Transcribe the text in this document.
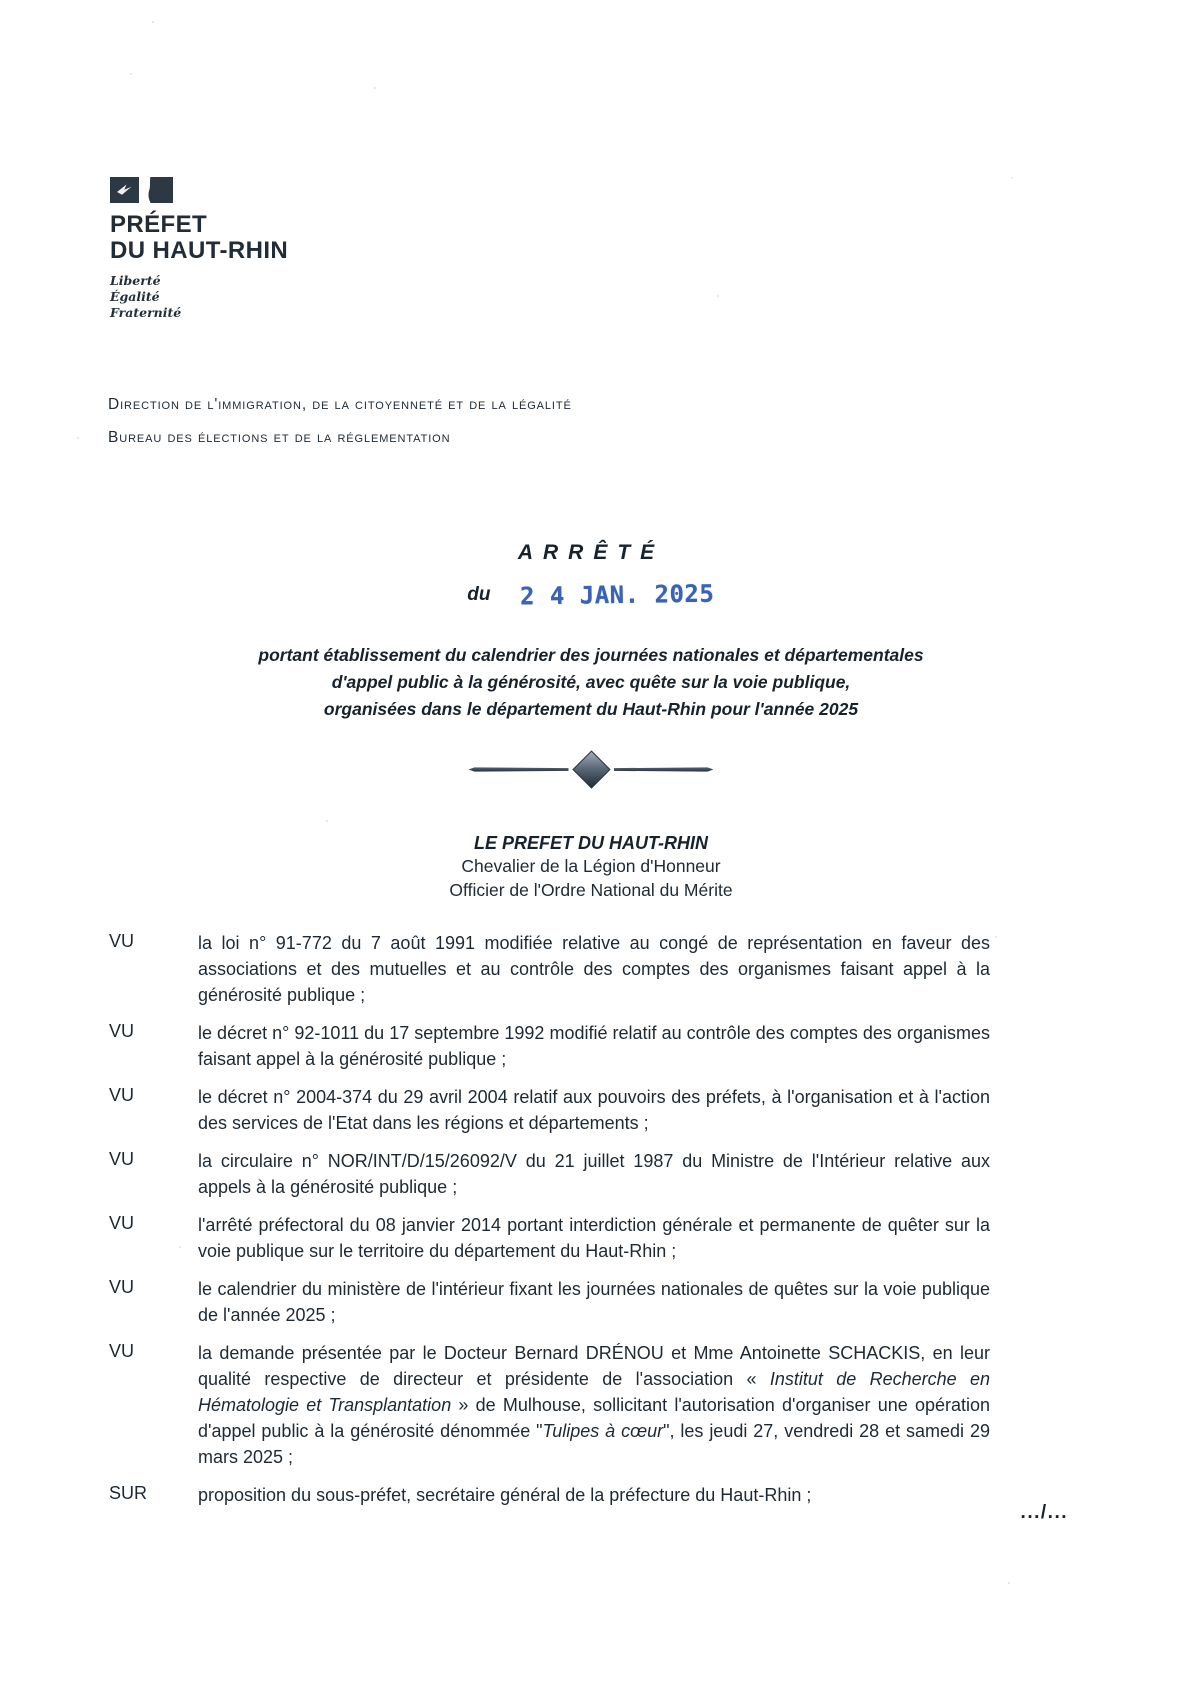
PRÉFET
DU HAUT-RHIN
Liberté
Égalité
Fraternité
Direction de l'immigration, de la citoyenneté et de la légalité
Bureau des élections et de la réglementation
ARRÊTÉ
du 2 4 JAN. 2025
portant établissement du calendrier des journées nationales et départementales
d'appel public à la générosité, avec quête sur la voie publique,
organisées dans le département du Haut-Rhin pour l'année 2025
LE PREFET DU HAUT-RHIN
Chevalier de la Légion d'Honneur
Officier de l'Ordre National du Mérite
VU	la loi n° 91-772 du 7 août 1991 modifiée relative au congé de représentation en faveur des associations et des mutuelles et au contrôle des comptes des organismes faisant appel à la générosité publique ;
VU	le décret n° 92-1011 du 17 septembre 1992 modifié relatif au contrôle des comptes des organismes faisant appel à la générosité publique ;
VU	le décret n° 2004-374 du 29 avril 2004 relatif aux pouvoirs des préfets, à l'organisation et à l'action des services de l'Etat dans les régions et départements ;
VU	la circulaire n° NOR/INT/D/15/26092/V du 21 juillet 1987 du Ministre de l'Intérieur relative aux appels à la générosité publique ;
VU	l'arrêté préfectoral du 08 janvier 2014 portant interdiction générale et permanente de quêter sur la voie publique sur le territoire du département du Haut-Rhin ;
VU	le calendrier du ministère de l'intérieur fixant les journées nationales de quêtes sur la voie publique de l'année 2025 ;
VU	la demande présentée par le Docteur Bernard DRÉNOU et Mme Antoinette SCHACKIS, en leur qualité respective de directeur et présidente de l'association « Institut de Recherche en Hématologie et Transplantation » de Mulhouse, sollicitant l'autorisation d'organiser une opération d'appel public à la générosité dénommée "Tulipes à cœur", les jeudi 27, vendredi 28 et samedi 29 mars 2025 ;
SUR	proposition du sous-préfet, secrétaire général de la préfecture du Haut-Rhin ;
.../...
